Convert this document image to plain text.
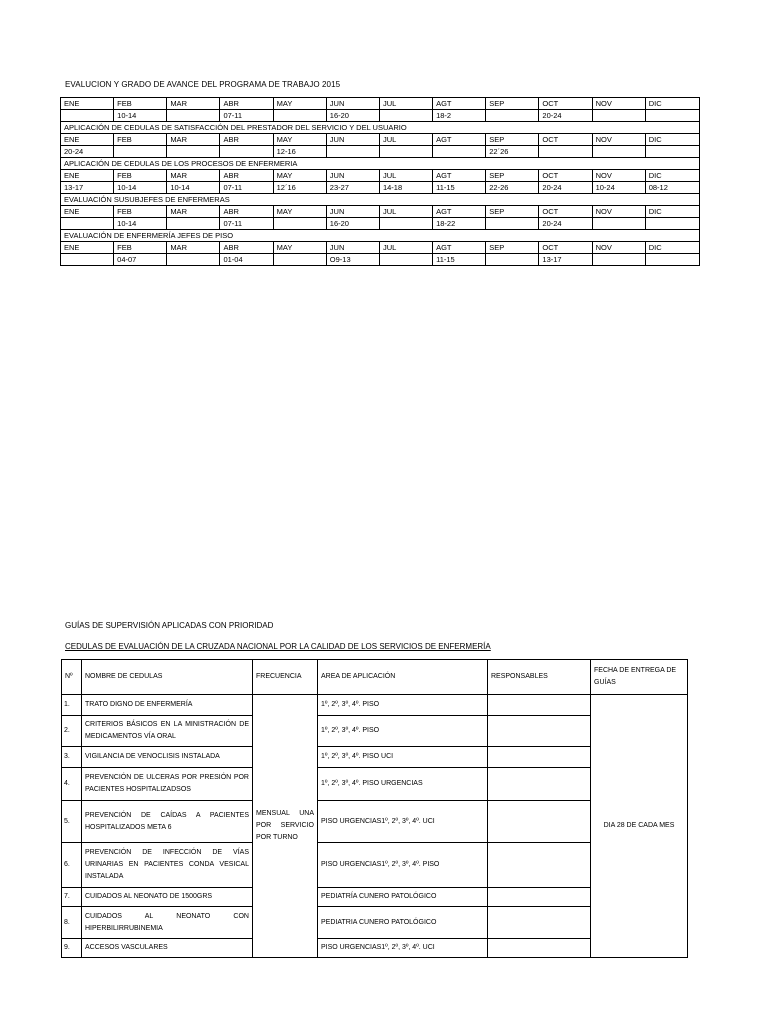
EVALUCION Y GRADO DE AVANCE DEL PROGRAMA DE TRABAJO 2015
ENE	FEB	MAR	ABR	MAY	JUN	JUL	AGT	SEP	OCT	NOV	DIC
	10-14		07-11		16-20		18-2		20-24		
APLICACIÓN DE CEDULAS DE SATISFACCIÓN DEL PRESTADOR DEL SERVICIO Y DEL USUARIO											
ENE	FEB	MAR	ABR	MAY	JUN	JUL	AGT	SEP	OCT	NOV	DIC
20-24				12-16				22´26			
APLICACIÓN DE CEDULAS DE LOS PROCESOS DE ENFERMERIA											
ENE	FEB	MAR	ABR	MAY	JUN	JUL	AGT	SEP	OCT	NOV	DIC
13-17	10-14	10-14	07-11	12´16	23-27	14-18	11-15	22-26	20-24	10-24	08-12
EVALUACIÓN SUSUBJEFES DE ENFERMERAS											
ENE	FEB	MAR	ABR	MAY	JUN	JUL	AGT	SEP	OCT	NOV	DIC
	10-14		07-11		16-20		18-22		20-24		
EVALUACIÓN DE ENFERMERÍA JEFES DE PISO											
ENE	FEB	MAR	ABR	MAY	JUN	JUL	AGT	SEP	OCT	NOV	DIC
	04-07		01-04		O9-13		11-15		13-17		
GUÍAS DE SUPERVISIÓN APLICADAS CON PRIORIDAD
CEDULAS DE EVALUACIÓN DE LA CRUZADA NACIONAL POR LA CALIDAD DE LOS SERVICIOS DE ENFERMERÍA
Nº	NOMBRE DE CEDULAS	FRECUENCIA	AREA DE APLICACIÓN	RESPONSABLES	FECHA DE ENTREGA DE GUÍAS
1.	TRATO DIGNO DE ENFERMERÍA	MENSUAL UNA POR SERVICIO POR TURNO	1º, 2º, 3º, 4º. PISO		DIA 28 DE CADA MES
2.	CRITERIOS BÁSICOS EN LA MINISTRACIÓN DE MEDICAMENTOS VÍA ORAL		1º, 2º, 3º, 4º. PISO		
3.	VIGILANCIA DE VENOCLISIS INSTALADA		1º, 2º, 3º, 4º. PISO UCI		
4.	PREVENCIÓN DE ULCERAS POR PRESIÓN POR PACIENTES HOSPITALIZADSOS		1º, 2º, 3º, 4º. PISO URGENCIAS		
5.	PREVENCIÓN DE CAÍDAS A PACIENTES HOSPITALIZADOS META 6		PISO URGENCIAS1º, 2º, 3º, 4º. UCI		
6.	PREVENCIÓN DE INFECCIÓN DE VÍAS URINARIAS EN PACIENTES CONDA VESICAL INSTALADA		PISO URGENCIAS1º, 2º, 3º, 4º. PISO		
7.	CUIDADOS AL NEONATO DE 1500GRS		PEDIATRÍA CUNERO PATOLÓGICO		
8.	CUIDADOS AL NEONATO CON HIPERBILIRRUBINEMIA		PEDIATRIA CUNERO PATOLÓGICO		
9.	ACCESOS VASCULARES		PISO URGENCIAS1º, 2º, 3º, 4º. UCI		
